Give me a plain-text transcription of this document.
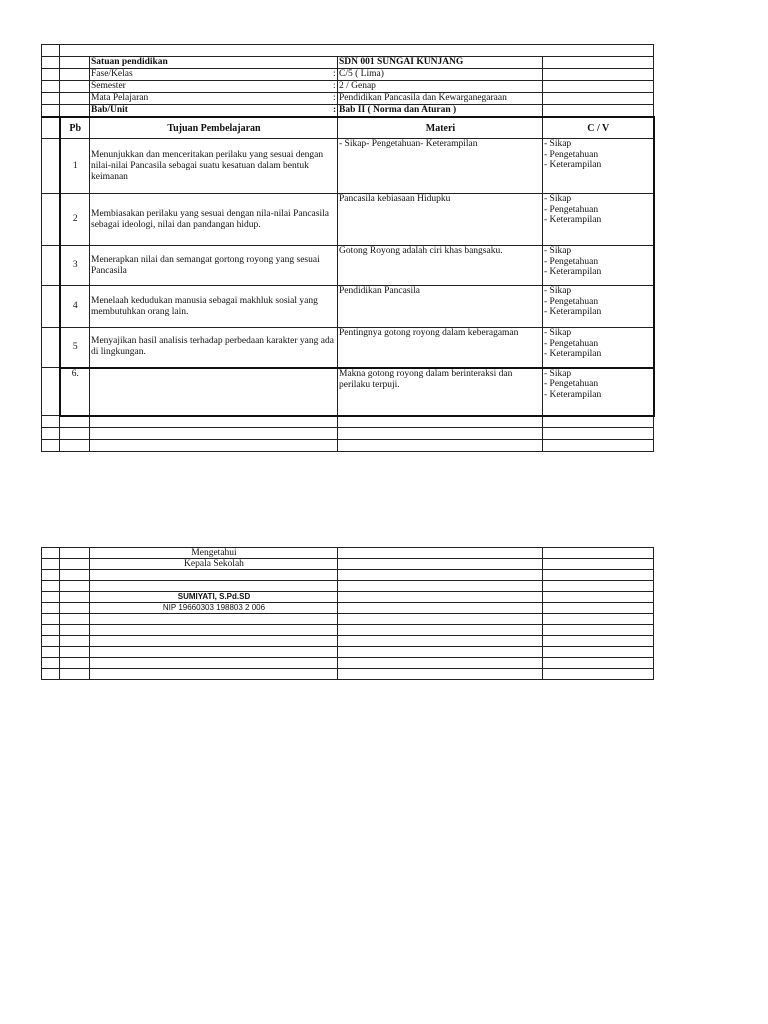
		Satuan pendidikan	SDN 001 SUNGAI KUNJANG	
		Fase/Kelas	: C/5 ( Lima)	
		Semester	: 2 / Genap	
		Mata Pelajaran	: Pendidikan Pancasila dan Kewarganegaraan	
		Bab/Unit	: Bab II ( Norma dan Aturan )	
	Pb	Tujuan Pembelajaran	Materi	C / V
	1	Menunjukkan dan menceritakan perilaku yang sesuai dengan nilai-nilai Pancasila sebagai suatu kesatuan dalam bentuk keimanan	- Sikap- Pengetahuan- Keterampilan	- Sikap
- Pengetahuan
- Keterampilan

	2	Membiasakan perilaku yang sesuai dengan nila-nilai Pancasila sebagai ideologi, nilai dan pandangan hidup.	Pancasila kebiasaan Hidupku	- Sikap
- Pengetahuan
- Keterampilan

	3	Menerapkan nilai dan semangat gortong royong yang sesuai Pancasila	Gotong Royong adalah ciri khas bangsaku.	- Sikap
- Pengetahuan
- Keterampilan

	4	Menelaah kedudukan manusia sebagai makhluk sosial yang membutuhkan orang lain.	Pendidikan Pancasila	- Sikap
- Pengetahuan
- Keterampilan

	5	Menyajikan hasil analisis terhadap perbedaan karakter yang ada di lingkungan.	Pentingnya gotong royong dalam keberagaman	- Sikap
- Pengetahuan
- Keterampilan

	6.		Makna gotong royong dalam berinteraksi dan perilaku terpuji.	- Sikap
- Pengetahuan
- Keterampilan

		Mengetahui		
		Kepala Sekolah		

		SUMIYATI, S.Pd.SD		
		NIP 19660303 198803 2 006		
